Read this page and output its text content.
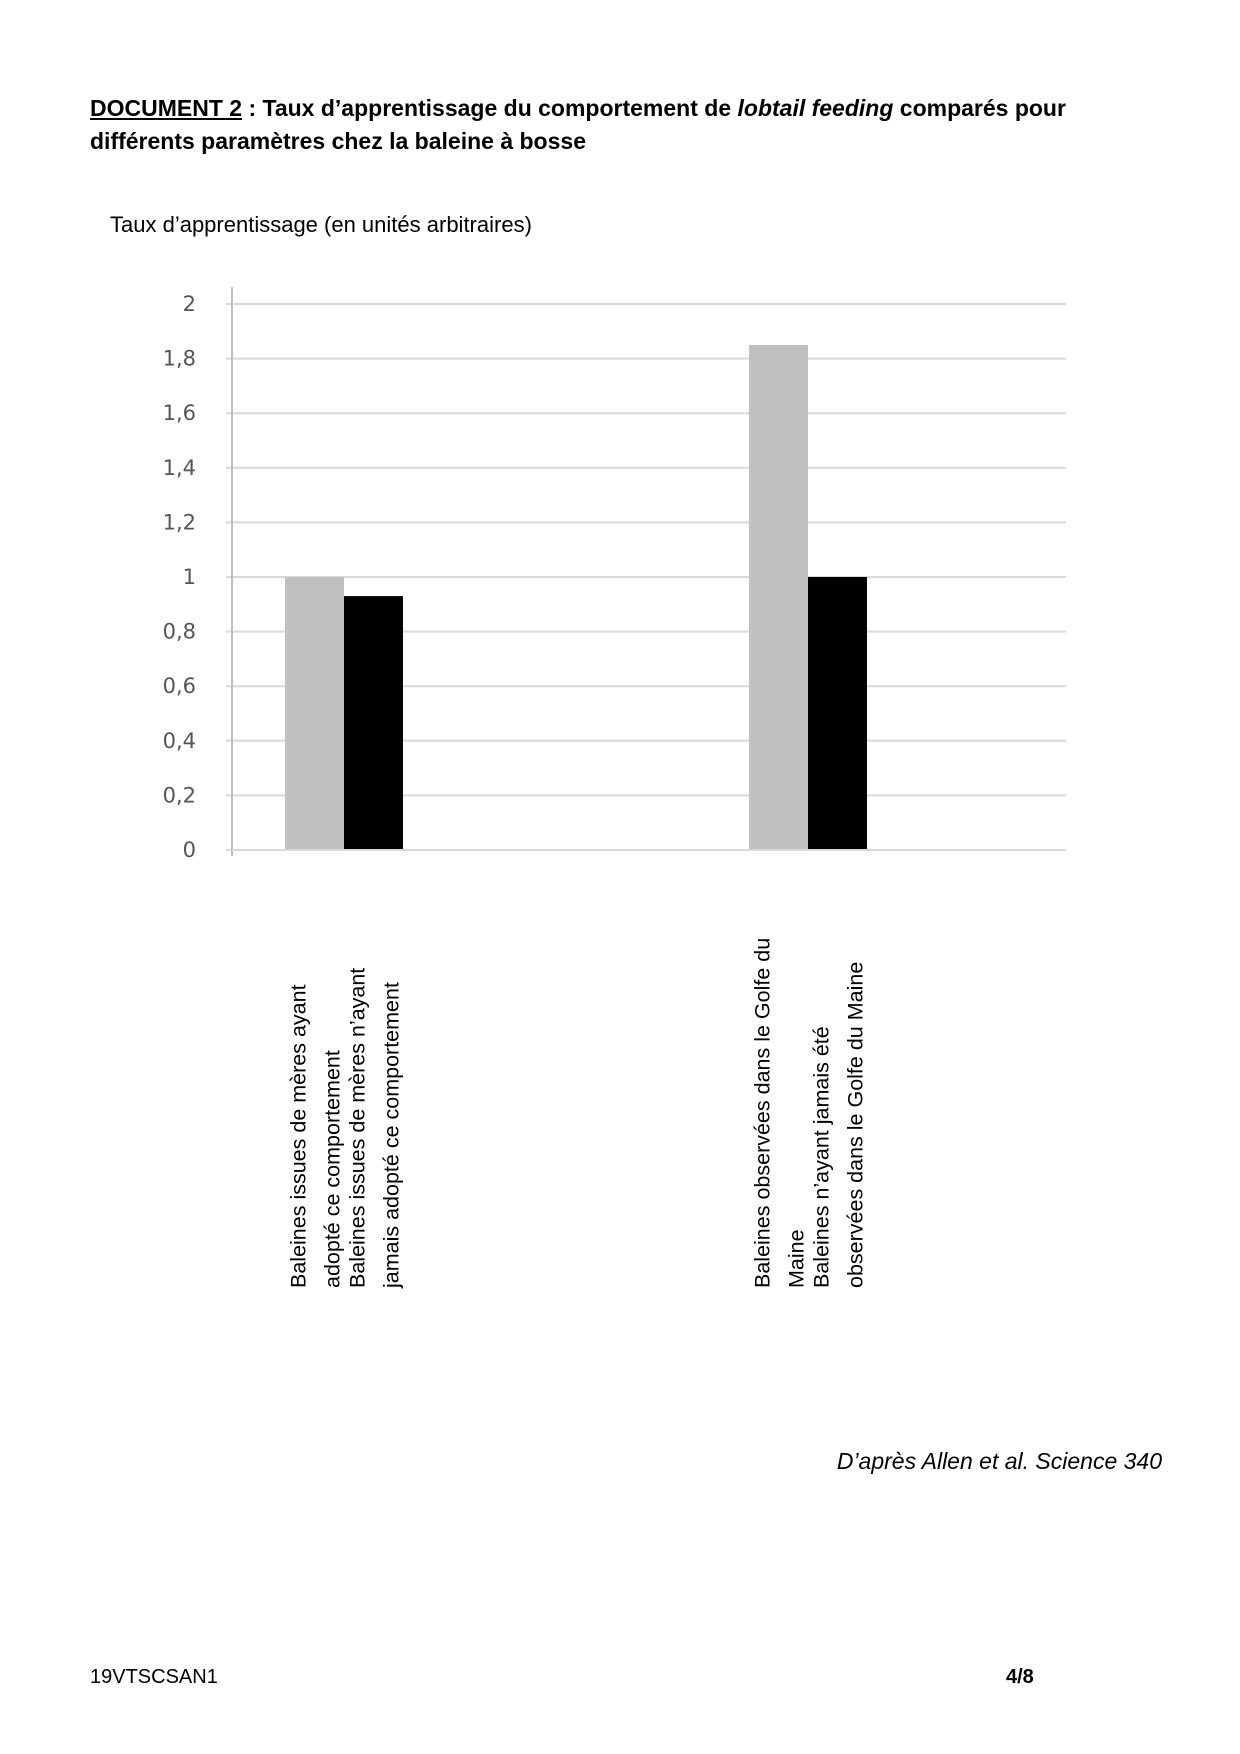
DOCUMENT 2 : Taux d’apprentissage du comportement de lobtail feeding comparés pour différents paramètres chez la baleine à bosse
Taux d’apprentissage (en unités arbitraires)
0
0,2
0,4
0,6
0,8
1
1,2
1,4
1,6
1,8
2
Baleines issues de mères ayant adopté ce comportement Baleines issues de mères n’ayant jamais adopté ce comportement	Baleines observées dans le Golfe du Maine Baleines n’ayant jamais été observées dans le Golfe du Maine
D’après Allen et al. Science 340
19VTSCSAN1	4/8
